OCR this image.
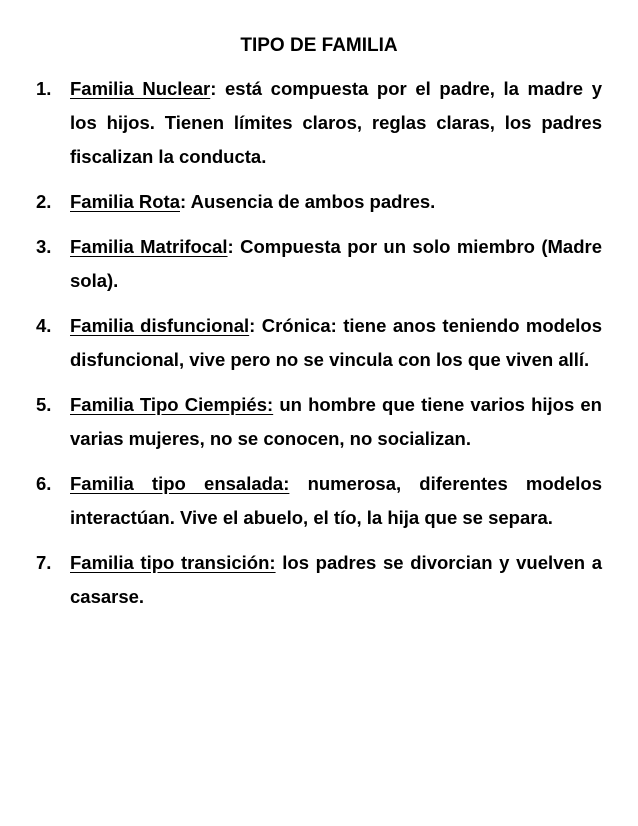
TIPO DE FAMILIA
1. Familia Nuclear: está compuesta por el padre, la madre y los hijos. Tienen límites claros, reglas claras, los padres fiscalizan la conducta.
2. Familia Rota: Ausencia de ambos padres.
3. Familia Matrifocal: Compuesta por un solo miembro (Madre sola).
4. Familia disfuncional: Crónica: tiene anos teniendo modelos disfuncional, vive pero no se vincula con los que viven allí.
5. Familia Tipo Ciempiés: un hombre que tiene varios hijos en varias mujeres, no se conocen, no socializan.
6. Familia tipo ensalada: numerosa, diferentes modelos interactúan. Vive el abuelo, el tío, la hija que se separa.
7. Familia tipo transición: los padres se divorcian y vuelven a casarse.
